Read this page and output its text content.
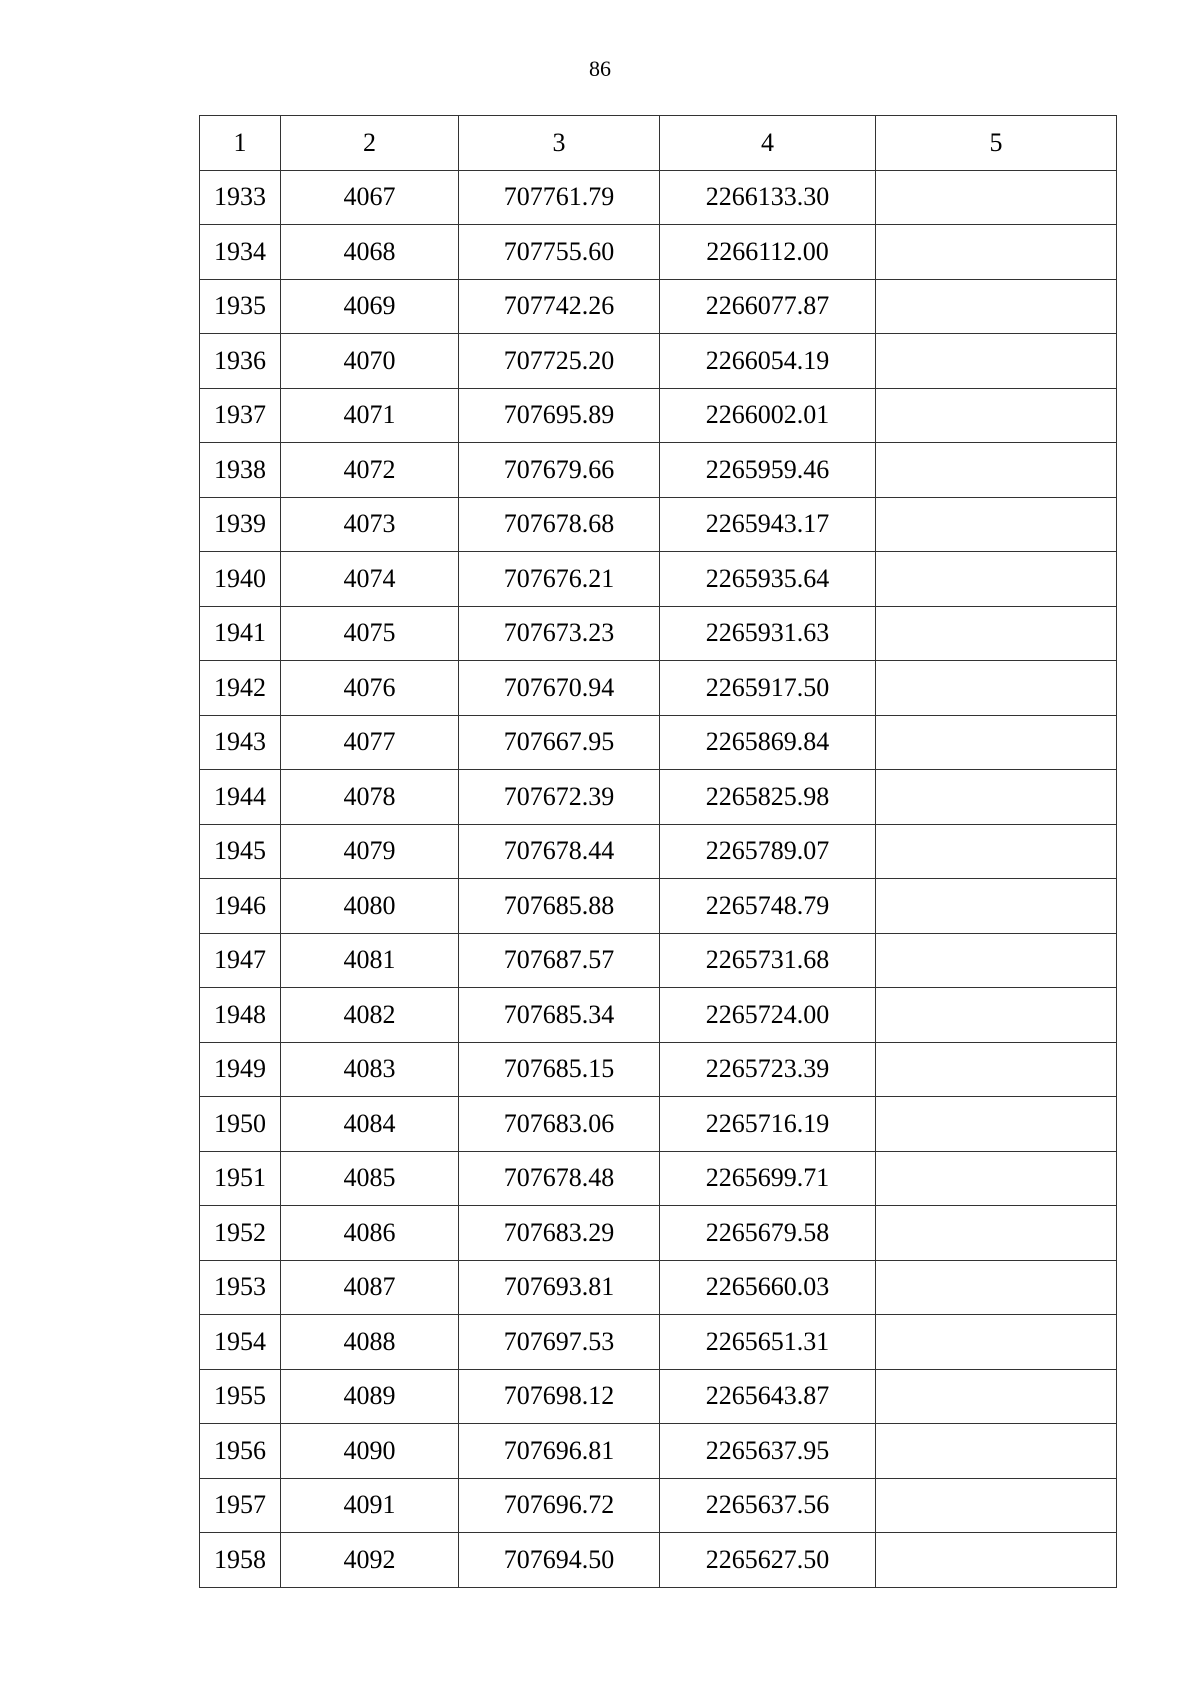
86
1	2	3	4	5
1933	4067	707761.79	2266133.30	
1934	4068	707755.60	2266112.00	
1935	4069	707742.26	2266077.87	
1936	4070	707725.20	2266054.19	
1937	4071	707695.89	2266002.01	
1938	4072	707679.66	2265959.46	
1939	4073	707678.68	2265943.17	
1940	4074	707676.21	2265935.64	
1941	4075	707673.23	2265931.63	
1942	4076	707670.94	2265917.50	
1943	4077	707667.95	2265869.84	
1944	4078	707672.39	2265825.98	
1945	4079	707678.44	2265789.07	
1946	4080	707685.88	2265748.79	
1947	4081	707687.57	2265731.68	
1948	4082	707685.34	2265724.00	
1949	4083	707685.15	2265723.39	
1950	4084	707683.06	2265716.19	
1951	4085	707678.48	2265699.71	
1952	4086	707683.29	2265679.58	
1953	4087	707693.81	2265660.03	
1954	4088	707697.53	2265651.31	
1955	4089	707698.12	2265643.87	
1956	4090	707696.81	2265637.95	
1957	4091	707696.72	2265637.56	
1958	4092	707694.50	2265627.50	
